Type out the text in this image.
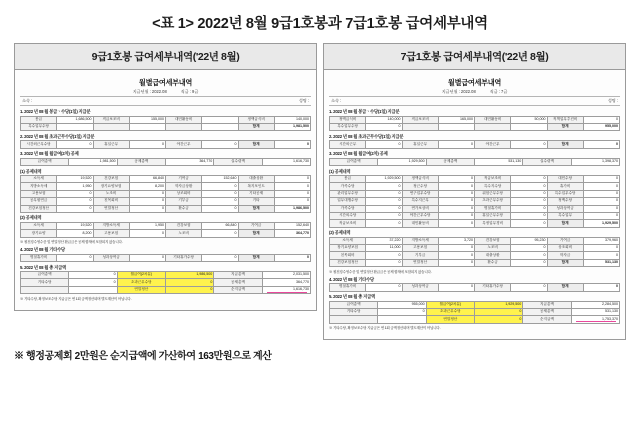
<표 1> 2022년 8월 9급1호봉과 7급1호봉 급여세부내역
9급1호봉 급여세부내역('22년 8월)
월별급여세부내역
지급년월 : 2022.08	직급 : 9급
소속 :	성명 :
1. 2022 년 08 월 봉급ㆍ수당(1일) 지급분
봉급	1,686,500	직급보조비	155,000	대민활동비		정액급식비	140,000
특수업무수당						합계	1,981,500
2. 2022 년 08 월 초과근무수당(1일) 지급분
시간외근무수당	0	휴일근무	0	야간근무	0	합계	0
3. 2022 년 08 월 월급여(2차) 공제
급여총액	1,981,500	공제총액	364,770	실수령액	1,616,730
(1) 공제내역
소득세	19,520	건강보험	66,840	기여금	152,640	대출상환	0
지방소득세	1,950	장기요양보험	8,200	학자금상환	0	복지포인트	0
고용보험	0	노조비	0	상조회비	0	기타공제	0
공무원연금	0	친목회비	0	기부금	0	기타	0
건강보험정산	0	연말정산	0	환수금	0	합계	1,986,500
(2) 공제내역
소득세	19,520	지방소득세	1,950	건강보험	66,840	기여금	152,640
장기요양	8,200	고용보험	0	노조비	0	합계	364,770
※ 원천징수영수증 및 연말정산 환급금은 공제 합계에 포함되지 않습니다.
4. 2022 년 08 월 기타수당
명절휴가비	0	성과상여금	0	기타휴가수당	0	합계	0
5. 2022 년 08 월 총 지급액
급여총액	0	월급여(2차분)	1,986,500	지급총액	2,031,500
기타수당	0	초과근무수당	0	공제총액	364,770
		연말정산	0	순지급액	1,616,730
※ 기타수당, 확정보조수당 지급금은 연 1회 금액정산되며 별도계산이 아닙니다.
7급1호봉 급여세부내역('22년 8월)
월별급여세부내역
지급년월 : 2022.08	직급 : 7급
소속 :	성명 :
1. 2022 년 08 월 봉급ㆍ수당(1일) 지급분
정액급식비	140,000	직급보조비	165,000	대민활동비	50,000	직책업무추진비	0
특수업무수당	0					합계	955,000
2. 2022 년 08 월 초과근무수당(1일) 지급분
시간외근무	0	휴일근무	0	야간근무	0	합계	0
3. 2022 년 08 월 월급여(2차) 공제
급여총액	1,929,500	공제총액	531,130	실수령액	1,398,370
(1) 공제내역
봉급	1,929,500	정액급식비	0	직급보조비	0	대민수당	0
가족수당	0	정근수당	0	특수지수당	0	휴가비	0
관리업무수당	0	연구업무수당	0	위험근무수당	0	특수업무수당	0
업무대행수당	0	특수지근무	0	초과근무수당	0	정액수당	0
가족수당	0	연가보상비	0	명절휴가비	0	성과상여금	0
시간외수당	0	야간근무수당	0	휴일근무수당	0	특수업무	0
직급보조비	0	대민활동비	0	특정업무경비	0	합계	1,929,500
(2) 공제내역
소득세	37,220	지방소득세	3,720	건강보험	95,230	기여금	379,960
장기요양보험	11,000	고용보험	0	노조비	0	상조회비	0
친목회비	0	기부금	0	대출상환	0	학자금	0
건강보험정산	0	연말정산	0	환수금	0	합계	531,130
※ 원천징수영수증 및 연말정산 환급금은 공제 합계에 포함되지 않습니다.
4. 2022 년 08 월 기타수당
명절휴가비	0	성과상여금	0	기타휴가수당	0	합계	0
5. 2022 년 08 월 총 지급액
급여총액	955,000	월급여(2차분)	1,929,500	지급총액	2,284,500
기타수당	0	초과근무수당	0	공제총액	531,130
		연말정산	0	순지급액	1,753,370
※ 기타수당, 확정보조수당 지급금은 연 1회 금액정산되며 별도계산이 아닙니다.
※ 행정공제회 2만원은 순지급액에 가산하여 163만원으로 계산
